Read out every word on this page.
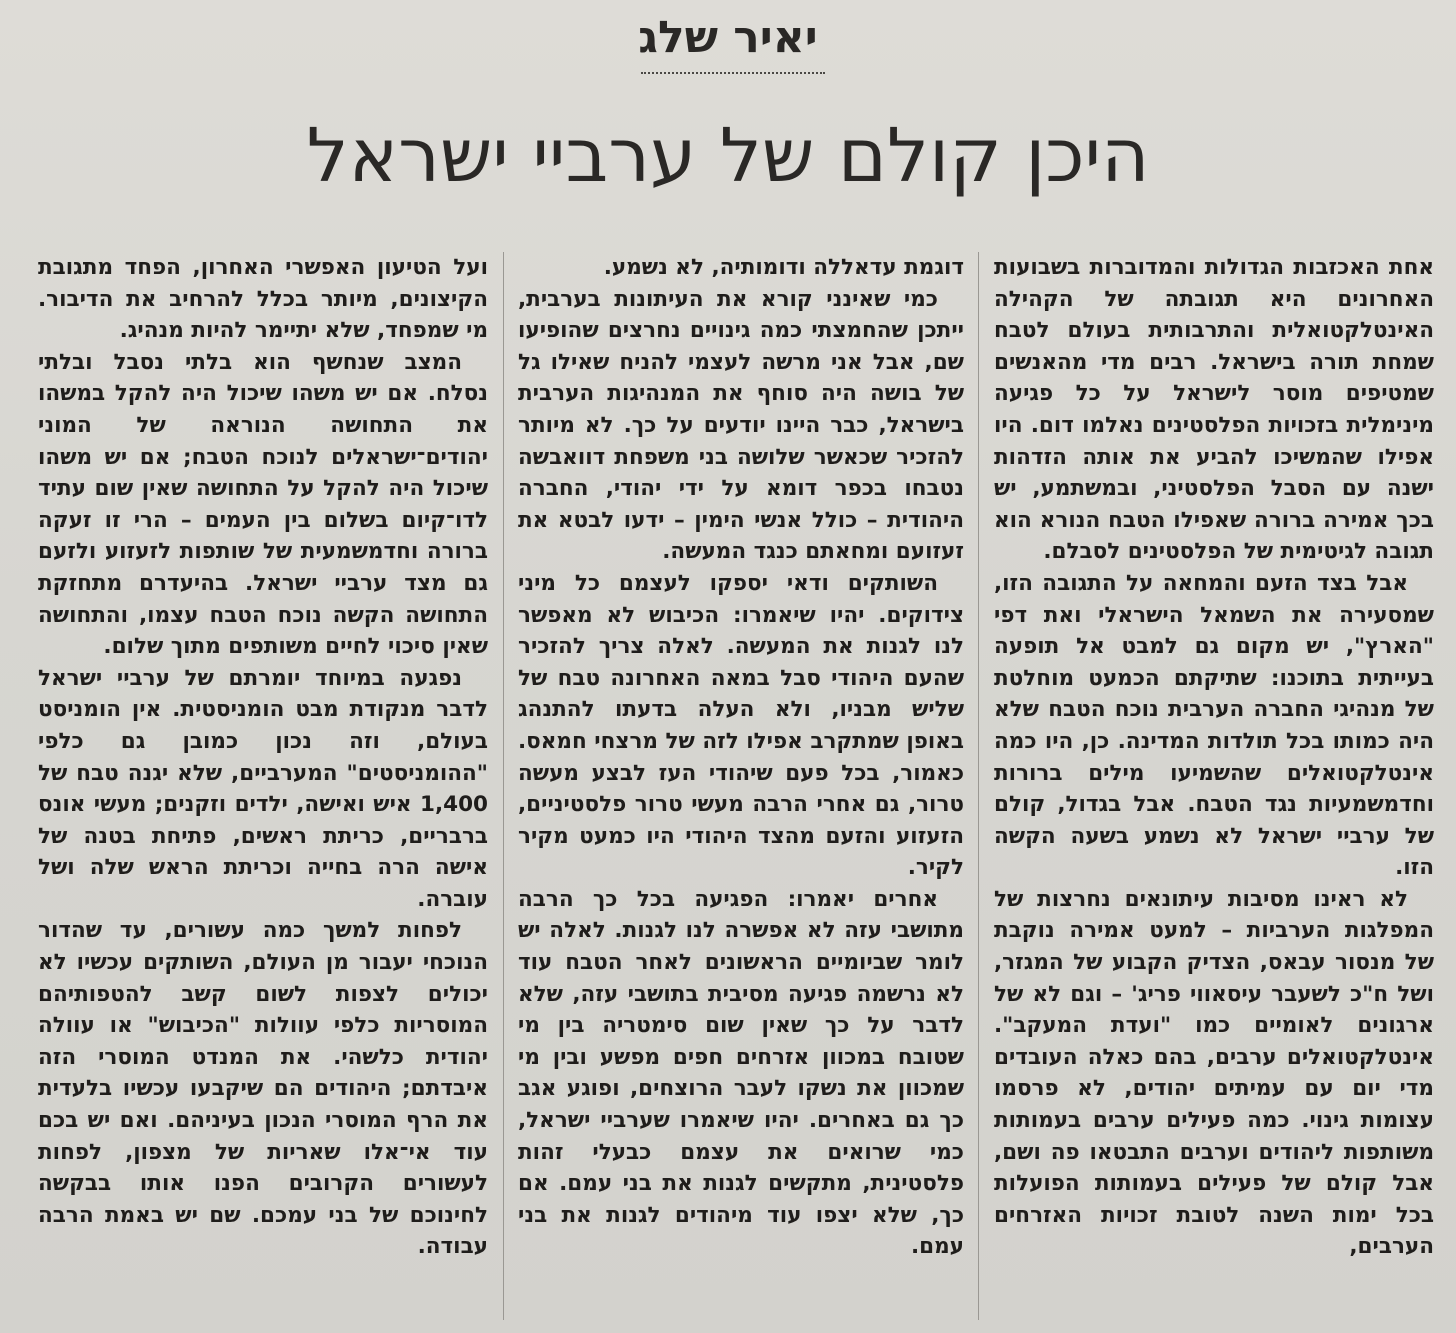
יאיר שלג
היכן קולם של ערביי ישראל

אחת האכזבות הגדולות והמדוברות בשבועות האחרונים היא תגובתה של הקהילה האינטלקטואלית והתרבותית בעולם לטבח שמחת תורה בישראל. רבים מדי מהאנשים שמטיפים מוסר לישראל על כל פגיעה מינימלית בזכויות הפלסטינים נאלמו דום. היו אפילו שהמשיכו להביע את אותה הזדהות ישנה עם הסבל הפלסטיני, ובמשתמע, יש בכך אמירה ברורה שאפילו הטבח הנורא הוא תגובה לגיטימית של הפלסטינים לסבלם.

אבל בצד הזעם והמחאה על התגובה הזו, שמסעירה את השמאל הישראלי ואת דפי "הארץ", יש מקום גם למבט אל תופעה בעייתית בתוכנו: שתיקתם הכמעט מוחלטת של מנהיגי החברה הערבית נוכח הטבח שלא היה כמותו בכל תולדות המדינה. כן, היו כמה אינטלקטואלים שהשמיעו מילים ברורות וחדמשמעיות נגד הטבח. אבל בגדול, קולם של ערביי ישראל לא נשמע בשעה הקשה הזו.

לא ראינו מסיבות עיתונאים נחרצות של המפלגות הערביות – למעט אמירה נוקבת של מנסור עבאס, הצדיק הקבוע של המגזר, ושל ח"כ לשעבר עיסאווי פריג' – וגם לא של ארגונים לאומיים כמו "ועדת המעקב". אינטלקטואלים ערבים, בהם כאלה העובדים מדי יום עם עמיתים יהודים, לא פרסמו עצומות גינוי. כמה פעילים ערבים בעמותות משותפות ליהודים וערבים התבטאו פה ושם, אבל קולם של פעילים בעמותות הפועלות בכל ימות השנה לטובת זכויות האזרחים הערבים,

דוגמת עדאללה ודומותיה, לא נשמע.

כמי שאינני קורא את העיתונות בערבית, ייתכן שהחמצתי כמה גינויים נחרצים שהופיעו שם, אבל אני מרשה לעצמי להניח שאילו גל של בושה היה סוחף את המנהיגות הערבית בישראל, כבר היינו יודעים על כך. לא מיותר להזכיר שכאשר שלושה בני משפחת דוואבשה נטבחו בכפר דומא על ידי יהודי, החברה היהודית – כולל אנשי הימין – ידעו לבטא את זעזועם ומחאתם כנגד המעשה.

השותקים ודאי יספקו לעצמם כל מיני צידוקים. יהיו שיאמרו: הכיבוש לא מאפשר לנו לגנות את המעשה. לאלה צריך להזכיר שהעם היהודי סבל במאה האחרונה טבח של שליש מבניו, ולא העלה בדעתו להתנהג באופן שמתקרב אפילו לזה של מרצחי חמאס. כאמור, בכל פעם שיהודי העז לבצע מעשה טרור, גם אחרי הרבה מעשי טרור פלסטיניים, הזעזוע והזעם מהצד היהודי היו כמעט מקיר לקיר.

אחרים יאמרו: הפגיעה בכל כך הרבה מתושבי עזה לא אפשרה לנו לגנות. לאלה יש לומר שביומיים הראשונים לאחר הטבח עוד לא נרשמה פגיעה מסיבית בתושבי עזה, שלא לדבר על כך שאין שום סימטריה בין מי שטובח במכוון אזרחים חפים מפשע ובין מי שמכוון את נשקו לעבר הרוצחים, ופוגע אגב כך גם באחרים. יהיו שיאמרו שערביי ישראל, כמי שרואים את עצמם כבעלי זהות פלסטינית, מתקשים לגנות את בני עמם. אם כך, שלא יצפו עוד מיהודים לגנות את בני עמם.

ועל הטיעון האפשרי האחרון, הפחד מתגובת הקיצונים, מיותר בכלל להרחיב את הדיבור. מי שמפחד, שלא יתיימר להיות מנהיג.

המצב שנחשף הוא בלתי נסבל ובלתי נסלח. אם יש משהו שיכול היה להקל במשהו את התחושה הנוראה של המוני יהודים־ישראלים לנוכח הטבח; אם יש משהו שיכול היה להקל על התחושה שאין שום עתיד לדו־קיום בשלום בין העמים – הרי זו זעקה ברורה וחדמשמעית של שותפות לזעזוע ולזעם גם מצד ערביי ישראל. בהיעדרם מתחזקת התחושה הקשה נוכח הטבח עצמו, והתחושה שאין סיכוי לחיים משותפים מתוך שלום.

נפגעה במיוחד יומרתם של ערביי ישראל לדבר מנקודת מבט הומניסטית. אין הומניסט בעולם, וזה נכון כמובן גם כלפי "ההומניסטים" המערביים, שלא יגנה טבח של 1,400 איש ואישה, ילדים וזקנים; מעשי אונס ברבריים, כריתת ראשים, פתיחת בטנה של אישה הרה בחייה וכריתת הראש שלה ושל עוברה.

לפחות למשך כמה עשורים, עד שהדור הנוכחי יעבור מן העולם, השותקים עכשיו לא יכולים לצפות לשום קשב להטפותיהם המוסריות כלפי עוולות "הכיבוש" או עוולה יהודית כלשהי. את המנדט המוסרי הזה איבדתם; היהודים הם שיקבעו עכשיו בלעדית את הרף המוסרי הנכון בעיניהם. ואם יש בכם עוד אי־אלו שאריות של מצפון, לפחות לעשורים הקרובים הפנו אותו בבקשה לחינוכם של בני עמכם. שם יש באמת הרבה עבודה.
